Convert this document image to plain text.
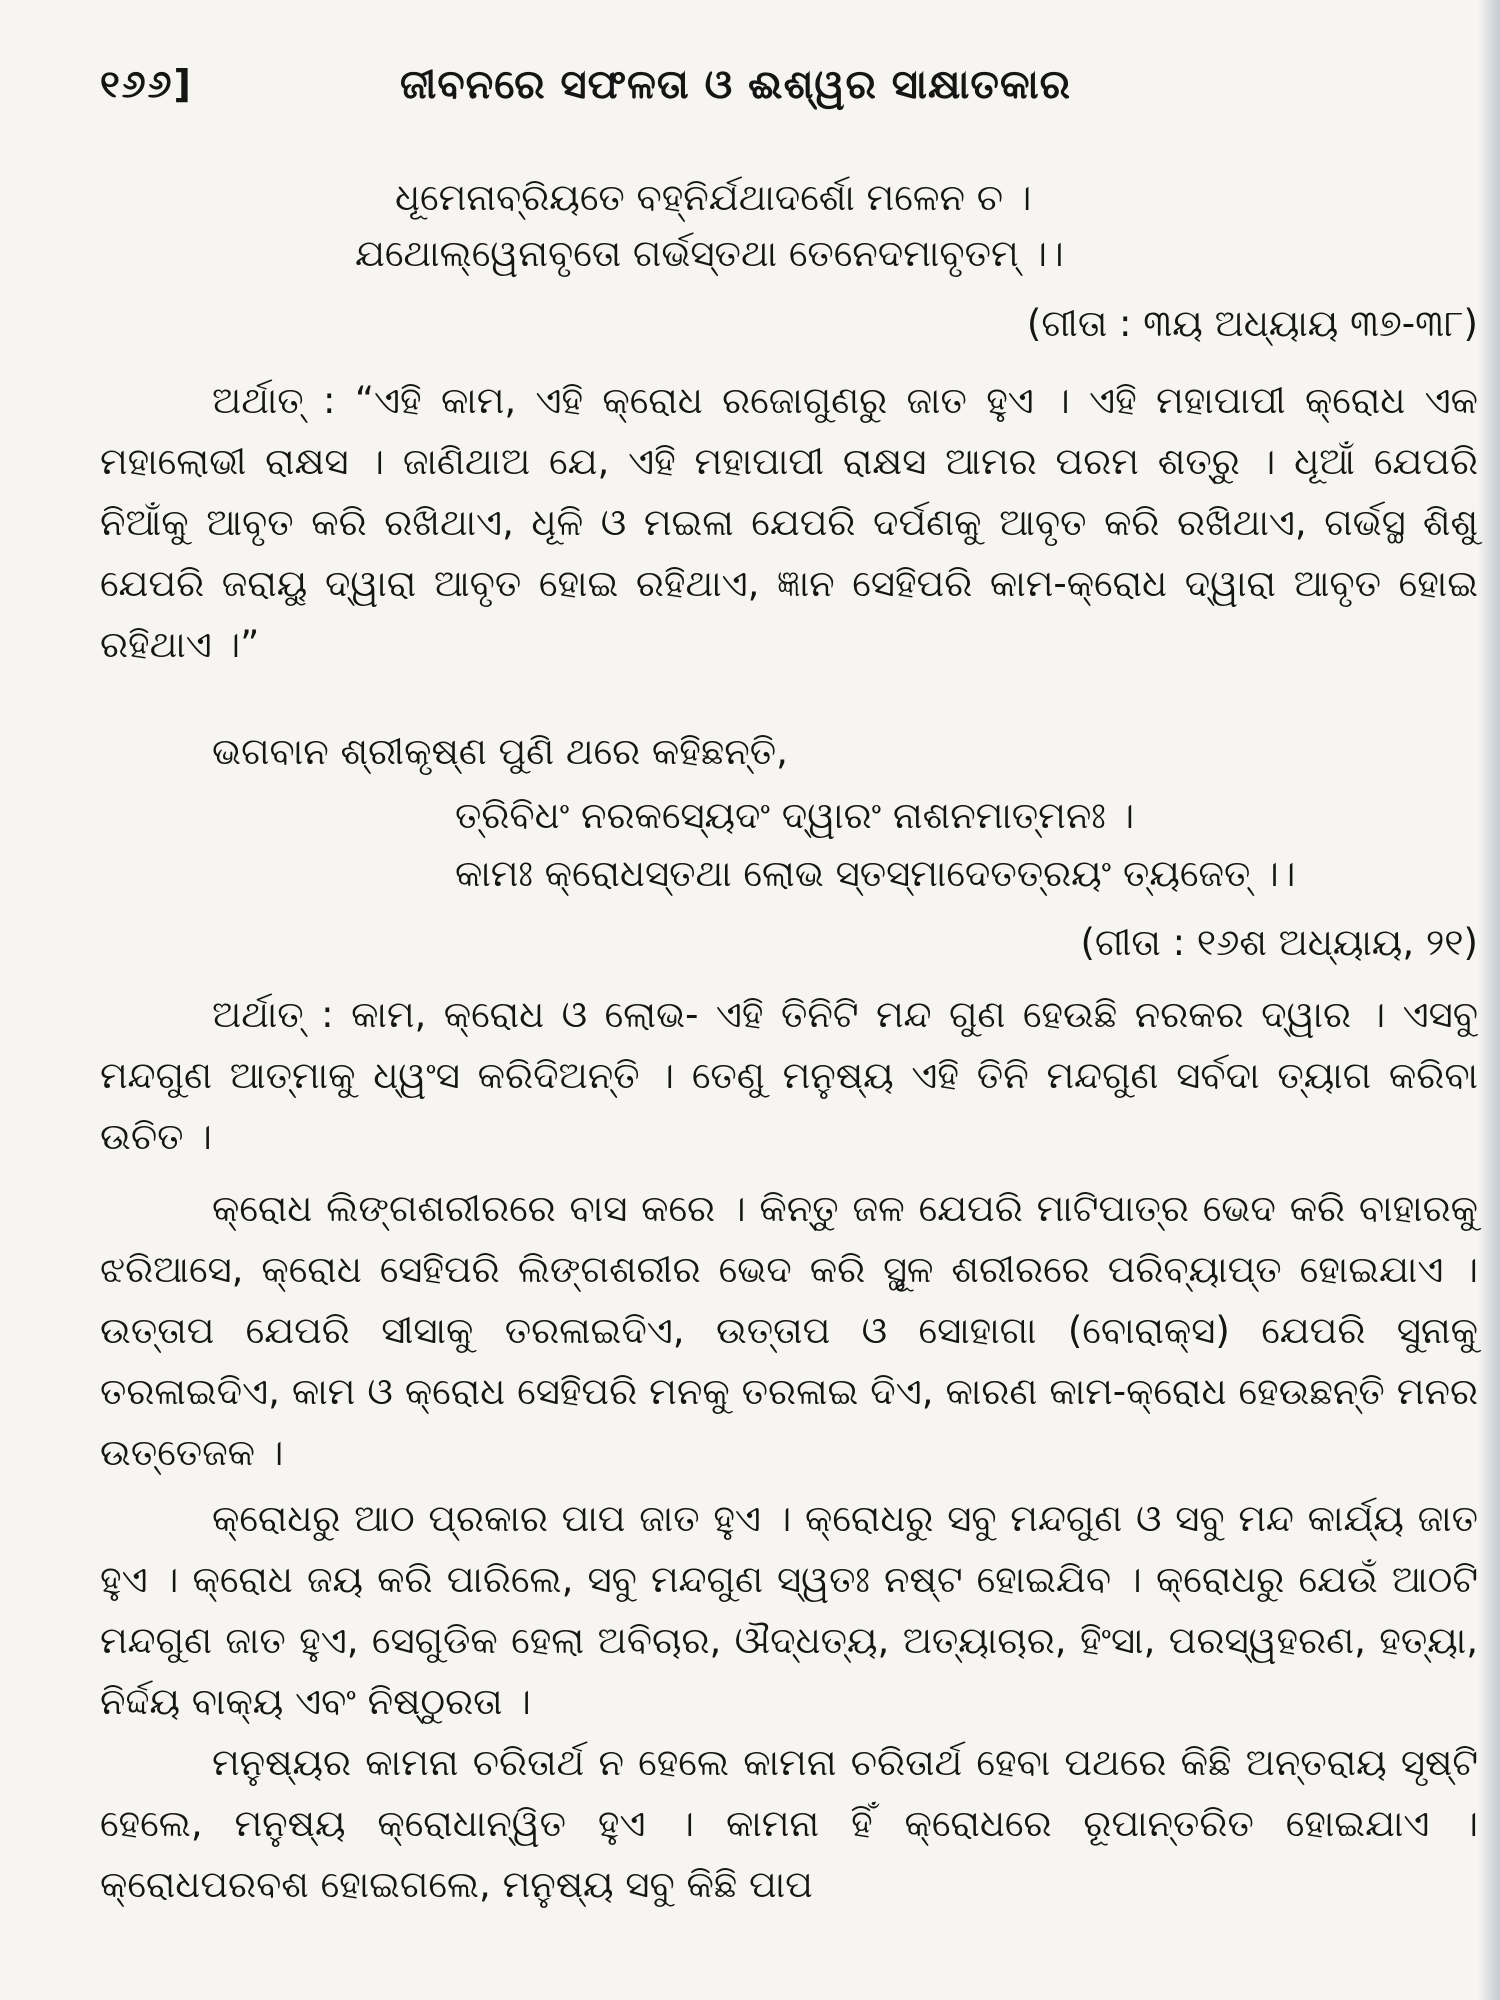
୧୬୬]	ଜୀବନରେ ସଫଳତା ଓ ଈଶ୍ୱର ସାକ୍ଷାତକାର
ଧୂମେନାବ୍ରିୟତେ ବହ୍ନିର୍ଯଥାଦର୍ଶୋ ମଳେନ ଚ ।
ଯଥୋଲ୍ୱେନାବୃତୋ ଗର୍ଭସ୍ତଥା ତେନେଦମାବୃତମ୍ ।।
(ଗୀତା : ୩ୟ ଅଧ୍ୟାୟ ୩୭-୩୮)

ଅର୍ଥାତ୍ : “ଏହି କାମ, ଏହି କ୍ରୋଧ ରଜୋଗୁଣରୁ ଜାତ ହୁଏ । ଏହି ମହାପାପୀ କ୍ରୋଧ ଏକ ମହାଲୋଭୀ ରାକ୍ଷସ । ଜାଣିଥାଅ ଯେ, ଏହି ମହାପାପୀ ରାକ୍ଷସ ଆମର ପରମ ଶତ୍ରୁ । ଧୂଆଁ ଯେପରି ନିଆଁକୁ ଆବୃତ କରି ରଖିଥାଏ, ଧୂଳି ଓ ମଇଳା ଯେପରି ଦର୍ପଣକୁ ଆବୃତ କରି ରଖିଥାଏ, ଗର୍ଭସ୍ଥ ଶିଶୁ ଯେପରି ଜରାୟୁ ଦ୍ୱାରା ଆବୃତ ହୋଇ ରହିଥାଏ, ଜ୍ଞାନ ସେହିପରି କାମ-କ୍ରୋଧ ଦ୍ୱାରା ଆବୃତ ହୋଇ ରହିଥାଏ ।”

ଭଗବାନ ଶ୍ରୀକୃଷ୍ଣ ପୁଣି ଥରେ କହିଛନ୍ତି,
ତ୍ରିବିଧଂ ନରକସ୍ୟେଦଂ ଦ୍ୱାରଂ ନାଶନମାତ୍ମନଃ ।
କାମଃ କ୍ରୋଧସ୍ତଥା ଲୋଭ ସ୍ତସ୍ମାଦେତତ୍ରୟଂ ତ୍ୟଜେତ୍ ।।
(ଗୀତା : ୧୬ଶ ଅଧ୍ୟାୟ, ୨୧)

ଅର୍ଥାତ୍ : କାମ, କ୍ରୋଧ ଓ ଲୋଭ- ଏହି ତିନିଟି ମନ୍ଦ ଗୁଣ ହେଉଛି ନରକର ଦ୍ୱାର । ଏସବୁ ମନ୍ଦଗୁଣ ଆତ୍ମାକୁ ଧ୍ୱଂସ କରିଦିଅନ୍ତି । ତେଣୁ ମନୁଷ୍ୟ ଏହି ତିନି ମନ୍ଦଗୁଣ ସର୍ବଦା ତ୍ୟାଗ କରିବା ଉଚିତ ।

କ୍ରୋଧ ଲିଙ୍ଗଶରୀରରେ ବାସ କରେ । କିନ୍ତୁ ଜଳ ଯେପରି ମାଟିପାତ୍ର ଭେଦ କରି ବାହାରକୁ ଝରିଆସେ, କ୍ରୋଧ ସେହିପରି ଲିଙ୍ଗଶରୀର ଭେଦ କରି ସ୍ଥୂଳ ଶରୀରରେ ପରିବ୍ୟାପ୍ତ ହୋଇଯାଏ । ଉତ୍ତାପ ଯେପରି ସୀସାକୁ ତରଳାଇଦିଏ, ଉତ୍ତାପ ଓ ସୋହାଗା (ବୋରାକ୍ସ) ଯେପରି ସୁନାକୁ ତରଳାଇଦିଏ, କାମ ଓ କ୍ରୋଧ ସେହିପରି ମନକୁ ତରଳାଇ ଦିଏ, କାରଣ କାମ-କ୍ରୋଧ ହେଉଛନ୍ତି ମନର ଉତ୍ତେଜକ ।

କ୍ରୋଧରୁ ଆଠ ପ୍ରକାର ପାପ ଜାତ ହୁଏ । କ୍ରୋଧରୁ ସବୁ ମନ୍ଦଗୁଣ ଓ ସବୁ ମନ୍ଦ କାର୍ଯ୍ୟ ଜାତ ହୁଏ । କ୍ରୋଧ ଜୟ କରି ପାରିଲେ, ସବୁ ମନ୍ଦଗୁଣ ସ୍ୱତଃ ନଷ୍ଟ ହୋଇଯିବ । କ୍ରୋଧରୁ ଯେଉଁ ଆଠଟି ମନ୍ଦଗୁଣ ଜାତ ହୁଏ, ସେଗୁଡିକ ହେଲା ଅବିଚାର, ଔଦ୍ଧତ୍ୟ, ଅତ୍ୟାଚାର, ହିଂସା, ପରସ୍ୱହରଣ, ହତ୍ୟା, ନିର୍ଦ୍ଦୟ ବାକ୍ୟ ଏବଂ ନିଷ୍ଠୁରତା ।

ମନୁଷ୍ୟର କାମନା ଚରିତାର୍ଥ ନ ହେଲେ କାମନା ଚରିତାର୍ଥ ହେବା ପଥରେ କିଛି ଅନ୍ତରାୟ ସୃଷ୍ଟି ହେଲେ, ମନୁଷ୍ୟ କ୍ରୋଧାନ୍ୱିତ ହୁଏ । କାମନା ହିଁ କ୍ରୋଧରେ ରୂପାନ୍ତରିତ ହୋଇଯାଏ । କ୍ରୋଧପରବଶ ହୋଇଗଲେ, ମନୁଷ୍ୟ ସବୁ କିଛି ପାପ
